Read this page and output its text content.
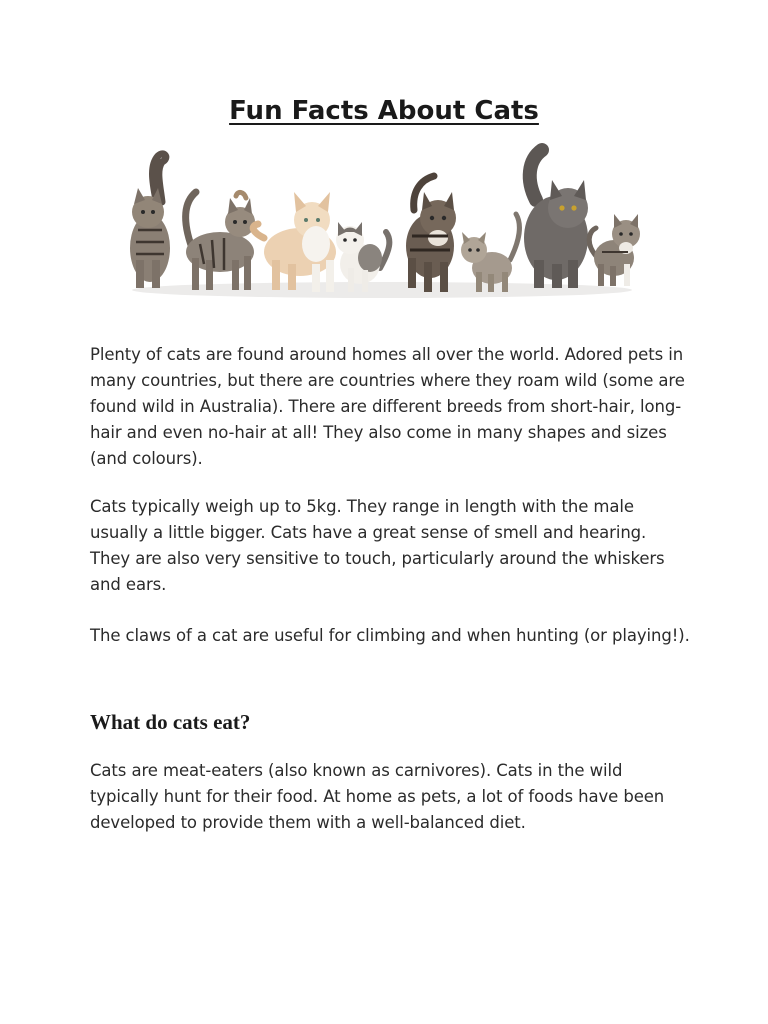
Fun Facts About Cats

Plenty of cats are found around homes all over the world. Adored pets in many countries, but there are countries where they roam wild (some are found wild in Australia). There are different breeds from short-hair, long-hair and even no-hair at all! They also come in many shapes and sizes (and colours).

Cats typically weigh up to 5kg. They range in length with the male usually a little bigger. Cats have a great sense of smell and hearing. They are also very sensitive to touch, particularly around the whiskers and ears.

The claws of a cat are useful for climbing and when hunting (or playing!).

What do cats eat?

Cats are meat-eaters (also known as carnivores). Cats in the wild typically hunt for their food. At home as pets, a lot of foods have been developed to provide them with a well-balanced diet.
